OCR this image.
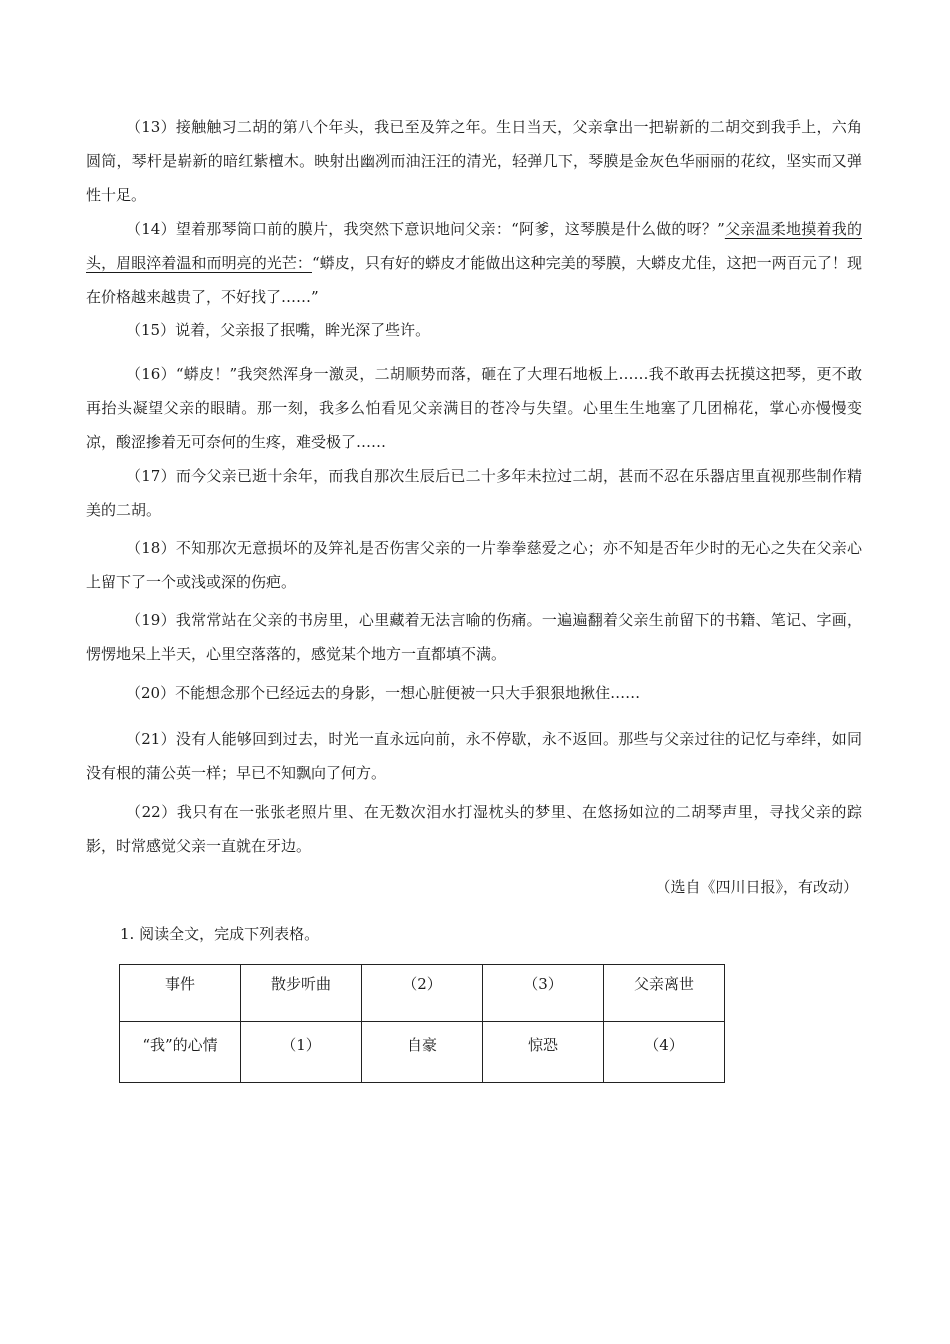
（13）接触触习二胡的第八个年头，我已至及笄之年。生日当天，父亲拿出一把崭新的二胡交到我手上，六角圆筒，琴杆是崭新的暗红紫檀木。映射出幽冽而油汪汪的清光，轻弹几下，琴膜是金灰色华丽丽的花纹，坚实而又弹性十足。

（14）望着那琴筒口前的膜片，我突然下意识地问父亲：“阿爹，这琴膜是什么做的呀？”父亲温柔地摸着我的头，眉眼淬着温和而明亮的光芒：“蟒皮，只有好的蟒皮才能做出这种完美的琴膜，大蟒皮尤佳，这把一两百元了！现在价格越来越贵了，不好找了……”

（15）说着，父亲报了抿嘴，眸光深了些许。

（16）“蟒皮！”我突然浑身一激灵，二胡顺势而落，砸在了大理石地板上……我不敢再去抚摸这把琴，更不敢再抬头凝望父亲的眼睛。那一刻，我多么怕看见父亲满目的苍冷与失望。心里生生地塞了几团棉花，掌心亦慢慢变凉，酸涩掺着无可奈何的生疼，难受极了……

（17）而今父亲已逝十余年，而我自那次生辰后已二十多年未拉过二胡，甚而不忍在乐器店里直视那些制作精美的二胡。

（18）不知那次无意损坏的及笄礼是否伤害父亲的一片拳拳慈爱之心；亦不知是否年少时的无心之失在父亲心上留下了一个或浅或深的伤疤。

（19）我常常站在父亲的书房里，心里藏着无法言喻的伤痛。一遍遍翻着父亲生前留下的书籍、笔记、字画，愣愣地呆上半天，心里空落落的，感觉某个地方一直都填不满。

（20）不能想念那个已经远去的身影，一想心脏便被一只大手狠狠地揪住……

（21）没有人能够回到过去，时光一直永远向前，永不停歇，永不返回。那些与父亲过往的记忆与牵绊，如同没有根的蒲公英一样；早已不知飘向了何方。

（22）我只有在一张张老照片里、在无数次泪水打湿枕头的梦里、在悠扬如泣的二胡琴声里，寻找父亲的踪影，时常感觉父亲一直就在牙边。

（选自《四川日报》，有改动）

1. 阅读全文，完成下列表格。

事件	散步听曲	（2）	（3）	父亲离世
“我”的心情	（1）	自豪	惊恐	（4）
